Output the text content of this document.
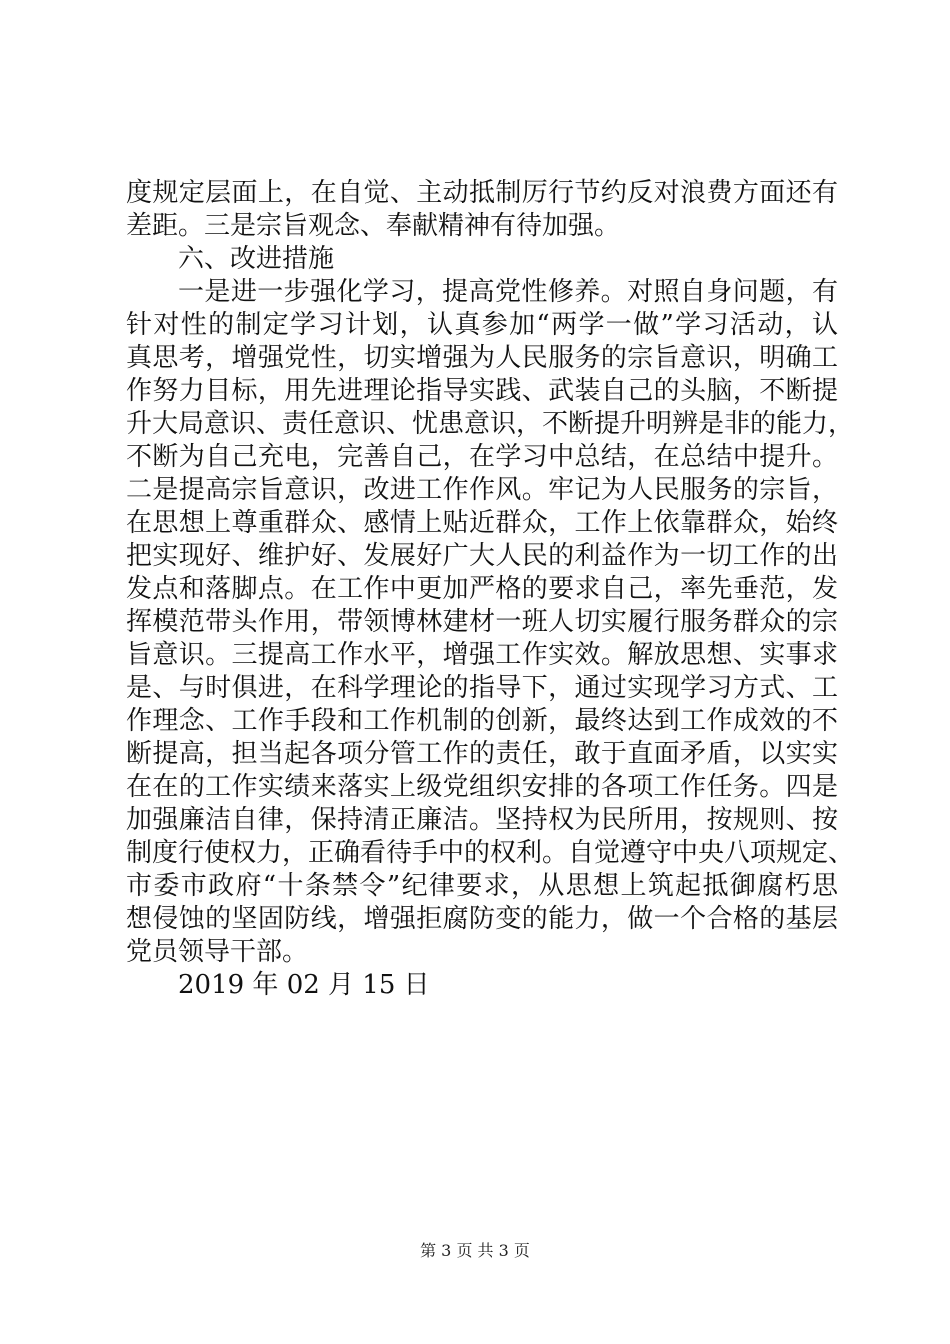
度规定层面上，在自觉、主动抵制厉行节约反对浪费方面还有
差距。三是宗旨观念、奉献精神有待加强。
六、改进措施
一是进一步强化学习，提高党性修养。对照自身问题，有
针对性的制定学习计划，认真参加“两学一做”学习活动，认
真思考，增强党性，切实增强为人民服务的宗旨意识，明确工
作努力目标，用先进理论指导实践、武装自己的头脑，不断提
升大局意识、责任意识、忧患意识，不断提升明辨是非的能力，
不断为自己充电，完善自己，在学习中总结，在总结中提升。
二是提高宗旨意识，改进工作作风。牢记为人民服务的宗旨，
在思想上尊重群众、感情上贴近群众，工作上依靠群众，始终
把实现好、维护好、发展好广大人民的利益作为一切工作的出
发点和落脚点。在工作中更加严格的要求自己，率先垂范，发
挥模范带头作用，带领博林建材一班人切实履行服务群众的宗
旨意识。三提高工作水平，增强工作实效。解放思想、实事求
是、与时俱进，在科学理论的指导下，通过实现学习方式、工
作理念、工作手段和工作机制的创新，最终达到工作成效的不
断提高，担当起各项分管工作的责任，敢于直面矛盾，以实实
在在的工作实绩来落实上级党组织安排的各项工作任务。四是
加强廉洁自律，保持清正廉洁。坚持权为民所用，按规则、按
制度行使权力，正确看待手中的权利。自觉遵守中央八项规定、
市委市政府“十条禁令”纪律要求，从思想上筑起抵御腐朽思
想侵蚀的坚固防线，增强拒腐防变的能力，做一个合格的基层
党员领导干部。
2019 年 02 月 15 日
第 3 页 共 3 页
